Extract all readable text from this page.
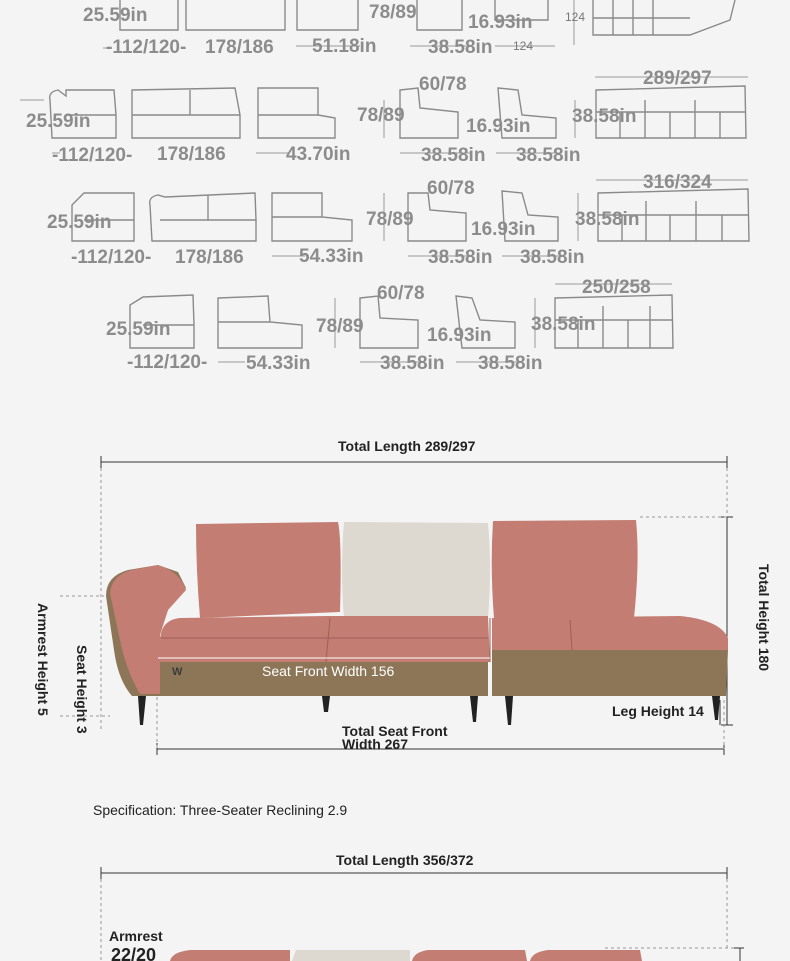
25.59in
-112/120- 178/186 51.18in
78/89	16.93in
38.58in 124
124
289/297
25.59in
-112/120- 178/186	43.70in
78/89
60/78
16.93in
38.58in 38.58in
38.58in
316/324
25.59in
-112/120- 178/186	54.33in
78/89
60/78
16.93in
38.58in 38.58in
38.58in
250/258
25.59in
-112/120- 54.33in
78/89
60/78
16.93in
38.58in 38.58in
38.58in
Total Length 289/297
Seat Front Width 156
W
Leg Height 14
Total Seat Front
Width 267
Total Height 180
Armrest Height 5 Seat Height 3
Specification: Three-Seater Reclining 2.9
Total Length 356/372
Armrest
22/20
